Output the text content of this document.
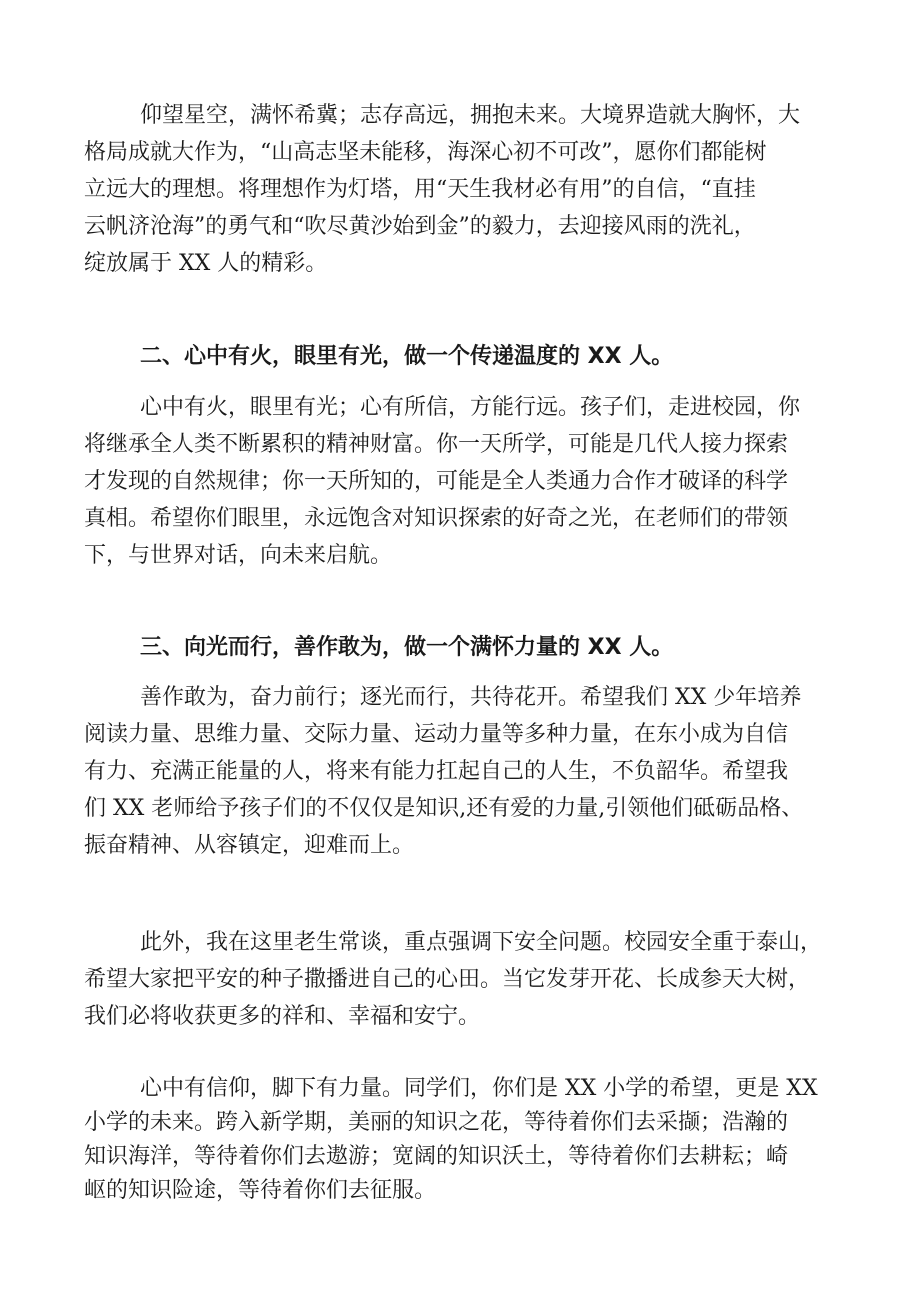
仰望星空，满怀希冀；志存高远，拥抱未来。大境界造就大胸怀，大
格局成就大作为，“山高志坚未能移，海深心初不可改”，愿你们都能树
立远大的理想。将理想作为灯塔，用“天生我材必有用”的自信，“直挂
云帆济沧海”的勇气和“吹尽黄沙始到金”的毅力，去迎接风雨的洗礼，
绽放属于 XX 人的精彩。
二、心中有火，眼里有光，做一个传递温度的 XX 人。
心中有火，眼里有光；心有所信，方能行远。孩子们，走进校园，你
将继承全人类不断累积的精神财富。你一天所学，可能是几代人接力探索
才发现的自然规律；你一天所知的，可能是全人类通力合作才破译的科学
真相。希望你们眼里，永远饱含对知识探索的好奇之光，在老师们的带领
下，与世界对话，向未来启航。
三、向光而行，善作敢为，做一个满怀力量的 XX 人。
善作敢为，奋力前行；逐光而行，共待花开。希望我们 XX 少年培养
阅读力量、思维力量、交际力量、运动力量等多种力量，在东小成为自信
有力、充满正能量的人，将来有能力扛起自己的人生，不负韶华。希望我
们 XX 老师给予孩子们的不仅仅是知识,还有爱的力量,引领他们砥砺品格、
振奋精神、从容镇定，迎难而上。
此外，我在这里老生常谈，重点强调下安全问题。校园安全重于泰山，
希望大家把平安的种子撒播进自己的心田。当它发芽开花、长成参天大树，
我们必将收获更多的祥和、幸福和安宁。
心中有信仰，脚下有力量。同学们，你们是 XX 小学的希望，更是 XX
小学的未来。跨入新学期，美丽的知识之花，等待着你们去采撷；浩瀚的
知识海洋，等待着你们去遨游；宽阔的知识沃土，等待着你们去耕耘；崎
岖的知识险途，等待着你们去征服。
